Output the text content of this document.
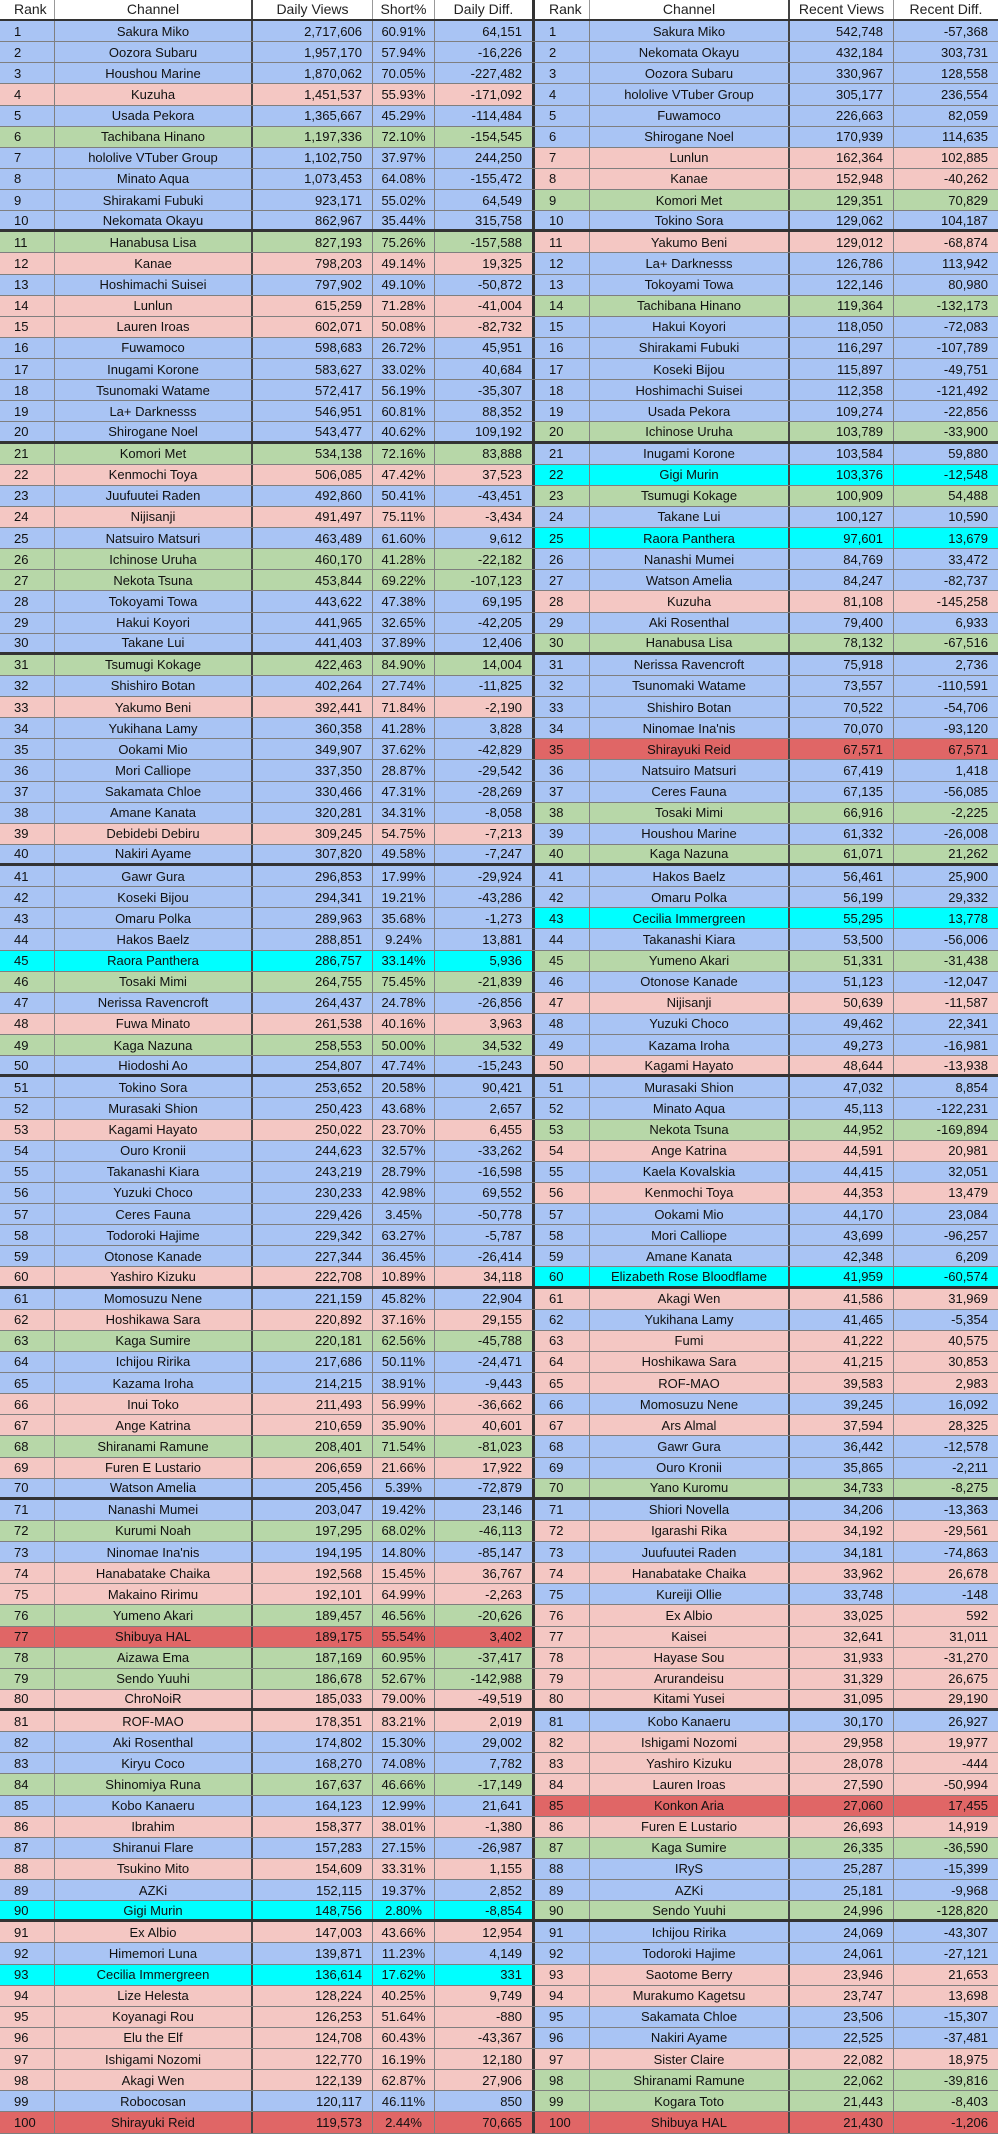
Rank	Channel	Daily Views	Short%	Daily Diff.
1	Sakura Miko	2,717,606	60.91%	64,151
2	Oozora Subaru	1,957,170	57.94%	-16,226
3	Houshou Marine	1,870,062	70.05%	-227,482
4	Kuzuha	1,451,537	55.93%	-171,092
5	Usada Pekora	1,365,667	45.29%	-114,484
6	Tachibana Hinano	1,197,336	72.10%	-154,545
7	hololive VTuber Group	1,102,750	37.97%	244,250
8	Minato Aqua	1,073,453	64.08%	-155,472
9	Shirakami Fubuki	923,171	55.02%	64,549
10	Nekomata Okayu	862,967	35.44%	315,758
11	Hanabusa Lisa	827,193	75.26%	-157,588
12	Kanae	798,203	49.14%	19,325
13	Hoshimachi Suisei	797,902	49.10%	-50,872
14	Lunlun	615,259	71.28%	-41,004
15	Lauren Iroas	602,071	50.08%	-82,732
16	Fuwamoco	598,683	26.72%	45,951
17	Inugami Korone	583,627	33.02%	40,684
18	Tsunomaki Watame	572,417	56.19%	-35,307
19	La+ Darknesss	546,951	60.81%	88,352
20	Shirogane Noel	543,477	40.62%	109,192
21	Komori Met	534,138	72.16%	83,888
22	Kenmochi Toya	506,085	47.42%	37,523
23	Juufuutei Raden	492,860	50.41%	-43,451
24	Nijisanji	491,497	75.11%	-3,434
25	Natsuiro Matsuri	463,489	61.60%	9,612
26	Ichinose Uruha	460,170	41.28%	-22,182
27	Nekota Tsuna	453,844	69.22%	-107,123
28	Tokoyami Towa	443,622	47.38%	69,195
29	Hakui Koyori	441,965	32.65%	-42,205
30	Takane Lui	441,403	37.89%	12,406
31	Tsumugi Kokage	422,463	84.90%	14,004
32	Shishiro Botan	402,264	27.74%	-11,825
33	Yakumo Beni	392,441	71.84%	-2,190
34	Yukihana Lamy	360,358	41.28%	3,828
35	Ookami Mio	349,907	37.62%	-42,829
36	Mori Calliope	337,350	28.87%	-29,542
37	Sakamata Chloe	330,466	47.31%	-28,269
38	Amane Kanata	320,281	34.31%	-8,058
39	Debidebi Debiru	309,245	54.75%	-7,213
40	Nakiri Ayame	307,820	49.58%	-7,247
41	Gawr Gura	296,853	17.99%	-29,924
42	Koseki Bijou	294,341	19.21%	-43,286
43	Omaru Polka	289,963	35.68%	-1,273
44	Hakos Baelz	288,851	9.24%	13,881
45	Raora Panthera	286,757	33.14%	5,936
46	Tosaki Mimi	264,755	75.45%	-21,839
47	Nerissa Ravencroft	264,437	24.78%	-26,856
48	Fuwa Minato	261,538	40.16%	3,963
49	Kaga Nazuna	258,553	50.00%	34,532
50	Hiodoshi Ao	254,807	47.74%	-15,243
51	Tokino Sora	253,652	20.58%	90,421
52	Murasaki Shion	250,423	43.68%	2,657
53	Kagami Hayato	250,022	23.70%	6,455
54	Ouro Kronii	244,623	32.57%	-33,262
55	Takanashi Kiara	243,219	28.79%	-16,598
56	Yuzuki Choco	230,233	42.98%	69,552
57	Ceres Fauna	229,426	3.45%	-50,778
58	Todoroki Hajime	229,342	63.27%	-5,787
59	Otonose Kanade	227,344	36.45%	-26,414
60	Yashiro Kizuku	222,708	10.89%	34,118
61	Momosuzu Nene	221,159	45.82%	22,904
62	Hoshikawa Sara	220,892	37.16%	29,155
63	Kaga Sumire	220,181	62.56%	-45,788
64	Ichijou Ririka	217,686	50.11%	-24,471
65	Kazama Iroha	214,215	38.91%	-9,443
66	Inui Toko	211,493	56.99%	-36,662
67	Ange Katrina	210,659	35.90%	40,601
68	Shiranami Ramune	208,401	71.54%	-81,023
69	Furen E Lustario	206,659	21.66%	17,922
70	Watson Amelia	205,456	5.39%	-72,879
71	Nanashi Mumei	203,047	19.42%	23,146
72	Kurumi Noah	197,295	68.02%	-46,113
73	Ninomae Ina'nis	194,195	14.80%	-85,147
74	Hanabatake Chaika	192,568	15.45%	36,767
75	Makaino Ririmu	192,101	64.99%	-2,263
76	Yumeno Akari	189,457	46.56%	-20,626
77	Shibuya HAL	189,175	55.54%	3,402
78	Aizawa Ema	187,169	60.95%	-37,417
79	Sendo Yuuhi	186,678	52.67%	-142,988
80	ChroNoiR	185,033	79.00%	-49,519
81	ROF-MAO	178,351	83.21%	2,019
82	Aki Rosenthal	174,802	15.30%	29,002
83	Kiryu Coco	168,270	74.08%	7,782
84	Shinomiya Runa	167,637	46.66%	-17,149
85	Kobo Kanaeru	164,123	12.99%	21,641
86	Ibrahim	158,377	38.01%	-1,380
87	Shiranui Flare	157,283	27.15%	-26,987
88	Tsukino Mito	154,609	33.31%	1,155
89	AZKi	152,115	19.37%	2,852
90	Gigi Murin	148,756	2.80%	-8,854
91	Ex Albio	147,003	43.66%	12,954
92	Himemori Luna	139,871	11.23%	4,149
93	Cecilia Immergreen	136,614	17.62%	331
94	Lize Helesta	128,224	40.25%	9,749
95	Koyanagi Rou	126,253	51.64%	-880
96	Elu the Elf	124,708	60.43%	-43,367
97	Ishigami Nozomi	122,770	16.19%	12,180
98	Akagi Wen	122,139	62.87%	27,906
99	Robocosan	120,117	46.11%	850
100	Shirayuki Reid	119,573	2.44%	70,665
Rank	Channel	Recent Views	Recent Diff.
1	Sakura Miko	542,748	-57,368
2	Nekomata Okayu	432,184	303,731
3	Oozora Subaru	330,967	128,558
4	hololive VTuber Group	305,177	236,554
5	Fuwamoco	226,663	82,059
6	Shirogane Noel	170,939	114,635
7	Lunlun	162,364	102,885
8	Kanae	152,948	-40,262
9	Komori Met	129,351	70,829
10	Tokino Sora	129,062	104,187
11	Yakumo Beni	129,012	-68,874
12	La+ Darknesss	126,786	113,942
13	Tokoyami Towa	122,146	80,980
14	Tachibana Hinano	119,364	-132,173
15	Hakui Koyori	118,050	-72,083
16	Shirakami Fubuki	116,297	-107,789
17	Koseki Bijou	115,897	-49,751
18	Hoshimachi Suisei	112,358	-121,492
19	Usada Pekora	109,274	-22,856
20	Ichinose Uruha	103,789	-33,900
21	Inugami Korone	103,584	59,880
22	Gigi Murin	103,376	-12,548
23	Tsumugi Kokage	100,909	54,488
24	Takane Lui	100,127	10,590
25	Raora Panthera	97,601	13,679
26	Nanashi Mumei	84,769	33,472
27	Watson Amelia	84,247	-82,737
28	Kuzuha	81,108	-145,258
29	Aki Rosenthal	79,400	6,933
30	Hanabusa Lisa	78,132	-67,516
31	Nerissa Ravencroft	75,918	2,736
32	Tsunomaki Watame	73,557	-110,591
33	Shishiro Botan	70,522	-54,706
34	Ninomae Ina'nis	70,070	-93,120
35	Shirayuki Reid	67,571	67,571
36	Natsuiro Matsuri	67,419	1,418
37	Ceres Fauna	67,135	-56,085
38	Tosaki Mimi	66,916	-2,225
39	Houshou Marine	61,332	-26,008
40	Kaga Nazuna	61,071	21,262
41	Hakos Baelz	56,461	25,900
42	Omaru Polka	56,199	29,332
43	Cecilia Immergreen	55,295	13,778
44	Takanashi Kiara	53,500	-56,006
45	Yumeno Akari	51,331	-31,438
46	Otonose Kanade	51,123	-12,047
47	Nijisanji	50,639	-11,587
48	Yuzuki Choco	49,462	22,341
49	Kazama Iroha	49,273	-16,981
50	Kagami Hayato	48,644	-13,938
51	Murasaki Shion	47,032	8,854
52	Minato Aqua	45,113	-122,231
53	Nekota Tsuna	44,952	-169,894
54	Ange Katrina	44,591	20,981
55	Kaela Kovalskia	44,415	32,051
56	Kenmochi Toya	44,353	13,479
57	Ookami Mio	44,170	23,084
58	Mori Calliope	43,699	-96,257
59	Amane Kanata	42,348	6,209
60	Elizabeth Rose Bloodflame	41,959	-60,574
61	Akagi Wen	41,586	31,969
62	Yukihana Lamy	41,465	-5,354
63	Fumi	41,222	40,575
64	Hoshikawa Sara	41,215	30,853
65	ROF-MAO	39,583	2,983
66	Momosuzu Nene	39,245	16,092
67	Ars Almal	37,594	28,325
68	Gawr Gura	36,442	-12,578
69	Ouro Kronii	35,865	-2,211
70	Yano Kuromu	34,733	-8,275
71	Shiori Novella	34,206	-13,363
72	Igarashi Rika	34,192	-29,561
73	Juufuutei Raden	34,181	-74,863
74	Hanabatake Chaika	33,962	26,678
75	Kureiji Ollie	33,748	-148
76	Ex Albio	33,025	592
77	Kaisei	32,641	31,011
78	Hayase Sou	31,933	-31,270
79	Arurandeisu	31,329	26,675
80	Kitami Yusei	31,095	29,190
81	Kobo Kanaeru	30,170	26,927
82	Ishigami Nozomi	29,958	19,977
83	Yashiro Kizuku	28,078	-444
84	Lauren Iroas	27,590	-50,994
85	Konkon Aria	27,060	17,455
86	Furen E Lustario	26,693	14,919
87	Kaga Sumire	26,335	-36,590
88	IRyS	25,287	-15,399
89	AZKi	25,181	-9,968
90	Sendo Yuuhi	24,996	-128,820
91	Ichijou Ririka	24,069	-43,307
92	Todoroki Hajime	24,061	-27,121
93	Saotome Berry	23,946	21,653
94	Murakumo Kagetsu	23,747	13,698
95	Sakamata Chloe	23,506	-15,307
96	Nakiri Ayame	22,525	-37,481
97	Sister Claire	22,082	18,975
98	Shiranami Ramune	22,062	-39,816
99	Kogara Toto	21,443	-8,403
100	Shibuya HAL	21,430	-1,206
